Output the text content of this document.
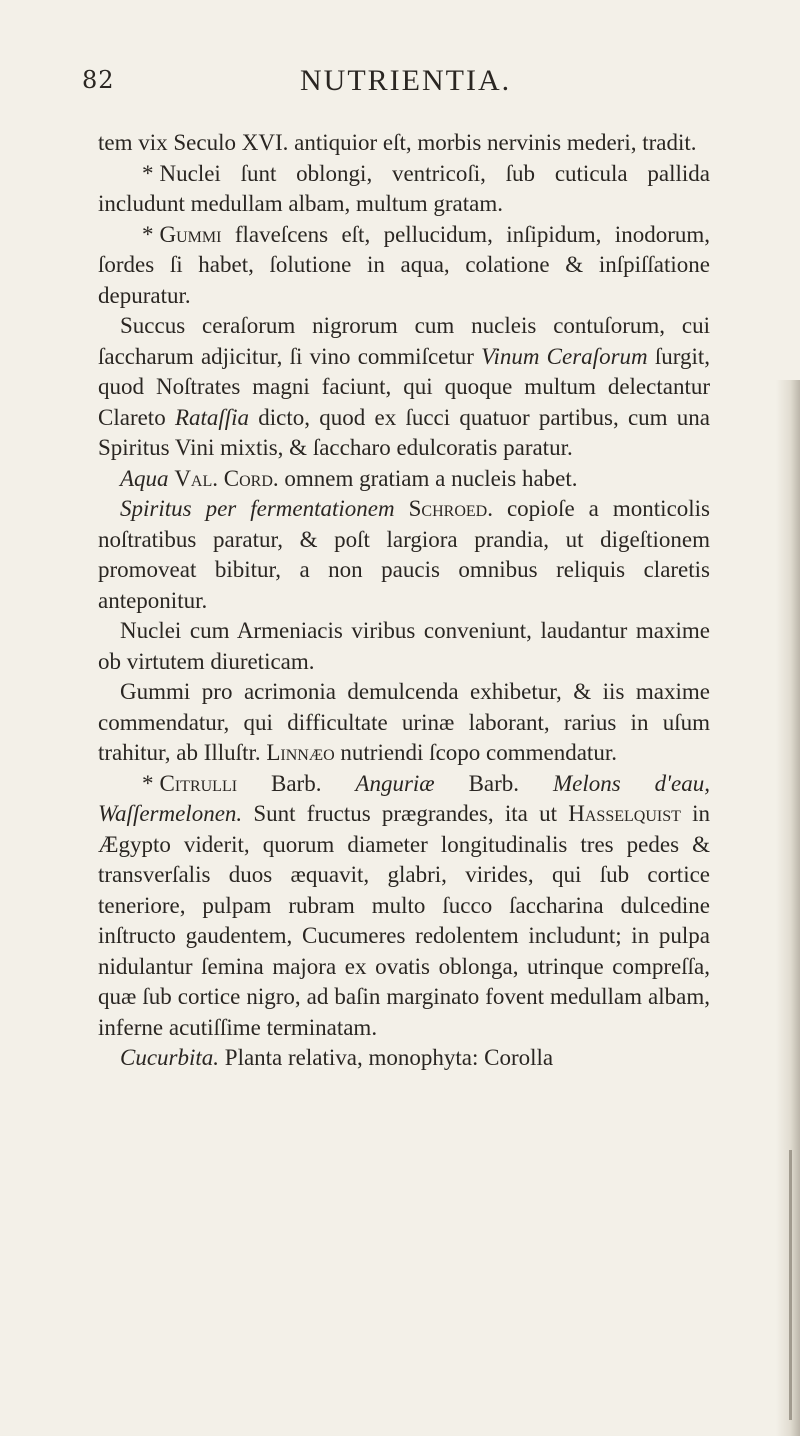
82	NUTRIENTIA.

tem vix Seculo XVI. antiquior eſt, morbis nervinis mederi, tradit.

* Nuclei ſunt oblongi, ventricoſi, ſub cuticula pallida includunt medullam albam, multum gratam.

* Gummi flaveſcens eſt, pellucidum, inſipidum, inodorum, ſordes ſi habet, ſolutione in aqua, colatione & inſpiſſatione depuratur.

Succus ceraſorum nigrorum cum nucleis contuſorum, cui ſaccharum adjicitur, ſi vino commiſcetur Vinum Ceraſorum ſurgit, quod Noſtrates magni faciunt, qui quoque multum delectantur Clareto Rataſſia dicto, quod ex ſucci quatuor partibus, cum una Spiritus Vini mixtis, & ſaccharo edulcoratis paratur.

Aqua Val. Cord. omnem gratiam a nucleis habet.

Spiritus per fermentationem Schroed. copioſe a monticolis noſtratibus paratur, & poſt largiora prandia, ut digeſtionem promoveat bibitur, a non paucis omnibus reliquis claretis anteponitur.

Nuclei cum Armeniacis viribus conveniunt, laudantur maxime ob virtutem diureticam.

Gummi pro acrimonia demulcenda exhibetur, & iis maxime commendatur, qui difficultate urinæ laborant, rarius in uſum trahitur, ab Illuſtr. Linnæo nutriendi ſcopo commendatur.

* Citrulli Barb. Anguriæ Barb. Melons d'eau, Waſſermelonen. Sunt fructus prægrandes, ita ut Hasselquist in Ægypto viderit, quorum diameter longitudinalis tres pedes & transverſalis duos æquavit, glabri, virides, qui ſub cortice teneriore, pulpam rubram multo ſucco ſaccharina dulcedine inſtructo gaudentem, Cucumeres redolentem includunt; in pulpa nidulantur ſemina majora ex ovatis oblonga, utrinque compreſſa, quæ ſub cortice nigro, ad baſin marginato fovent medullam albam, inferne acutiſſime terminatam.

Cucurbita. Planta relativa, monophyta: Corolla
